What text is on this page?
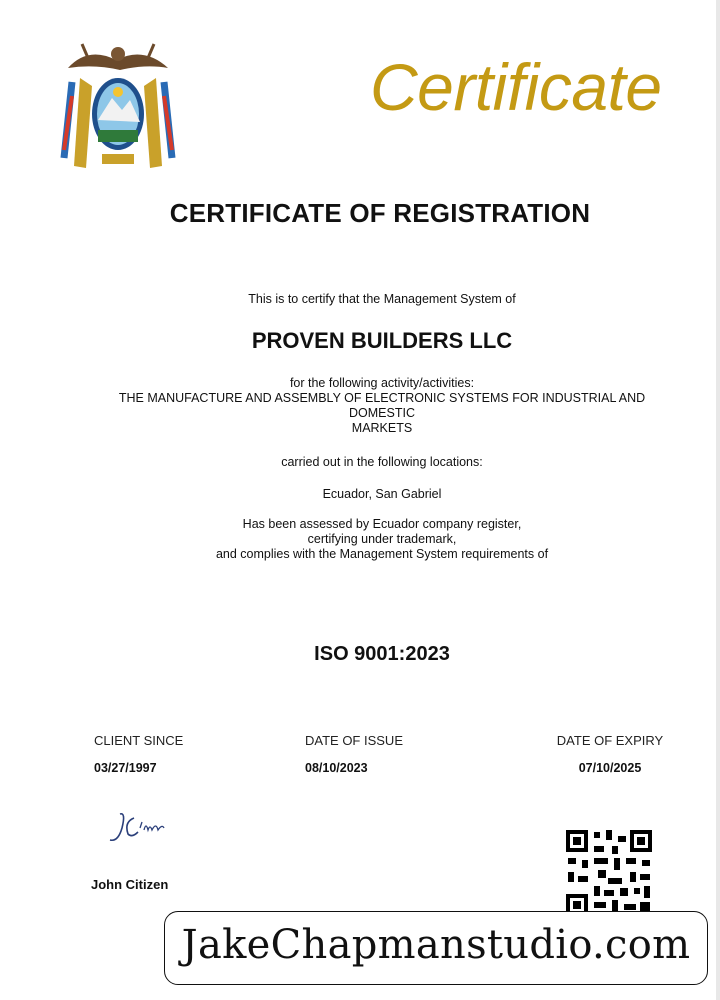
Certificate
CERTIFICATE OF REGISTRATION
This is to certify that the Management System of
PROVEN BUILDERS LLC
for the following activity/activities:
THE MANUFACTURE AND ASSEMBLY OF ELECTRONIC SYSTEMS FOR INDUSTRIAL AND
DOMESTIC
MARKETS
carried out in the following locations:
Ecuador, San Gabriel
Has been assessed by Ecuador company register,
certifying under trademark,
and complies with the Management System requirements of
ISO 9001:2023
CLIENT SINCE
03/27/1997
DATE OF ISSUE
08/10/2023
DATE OF EXPIRY
07/10/2025
John Citizen
JakeChapmanstudio.com
